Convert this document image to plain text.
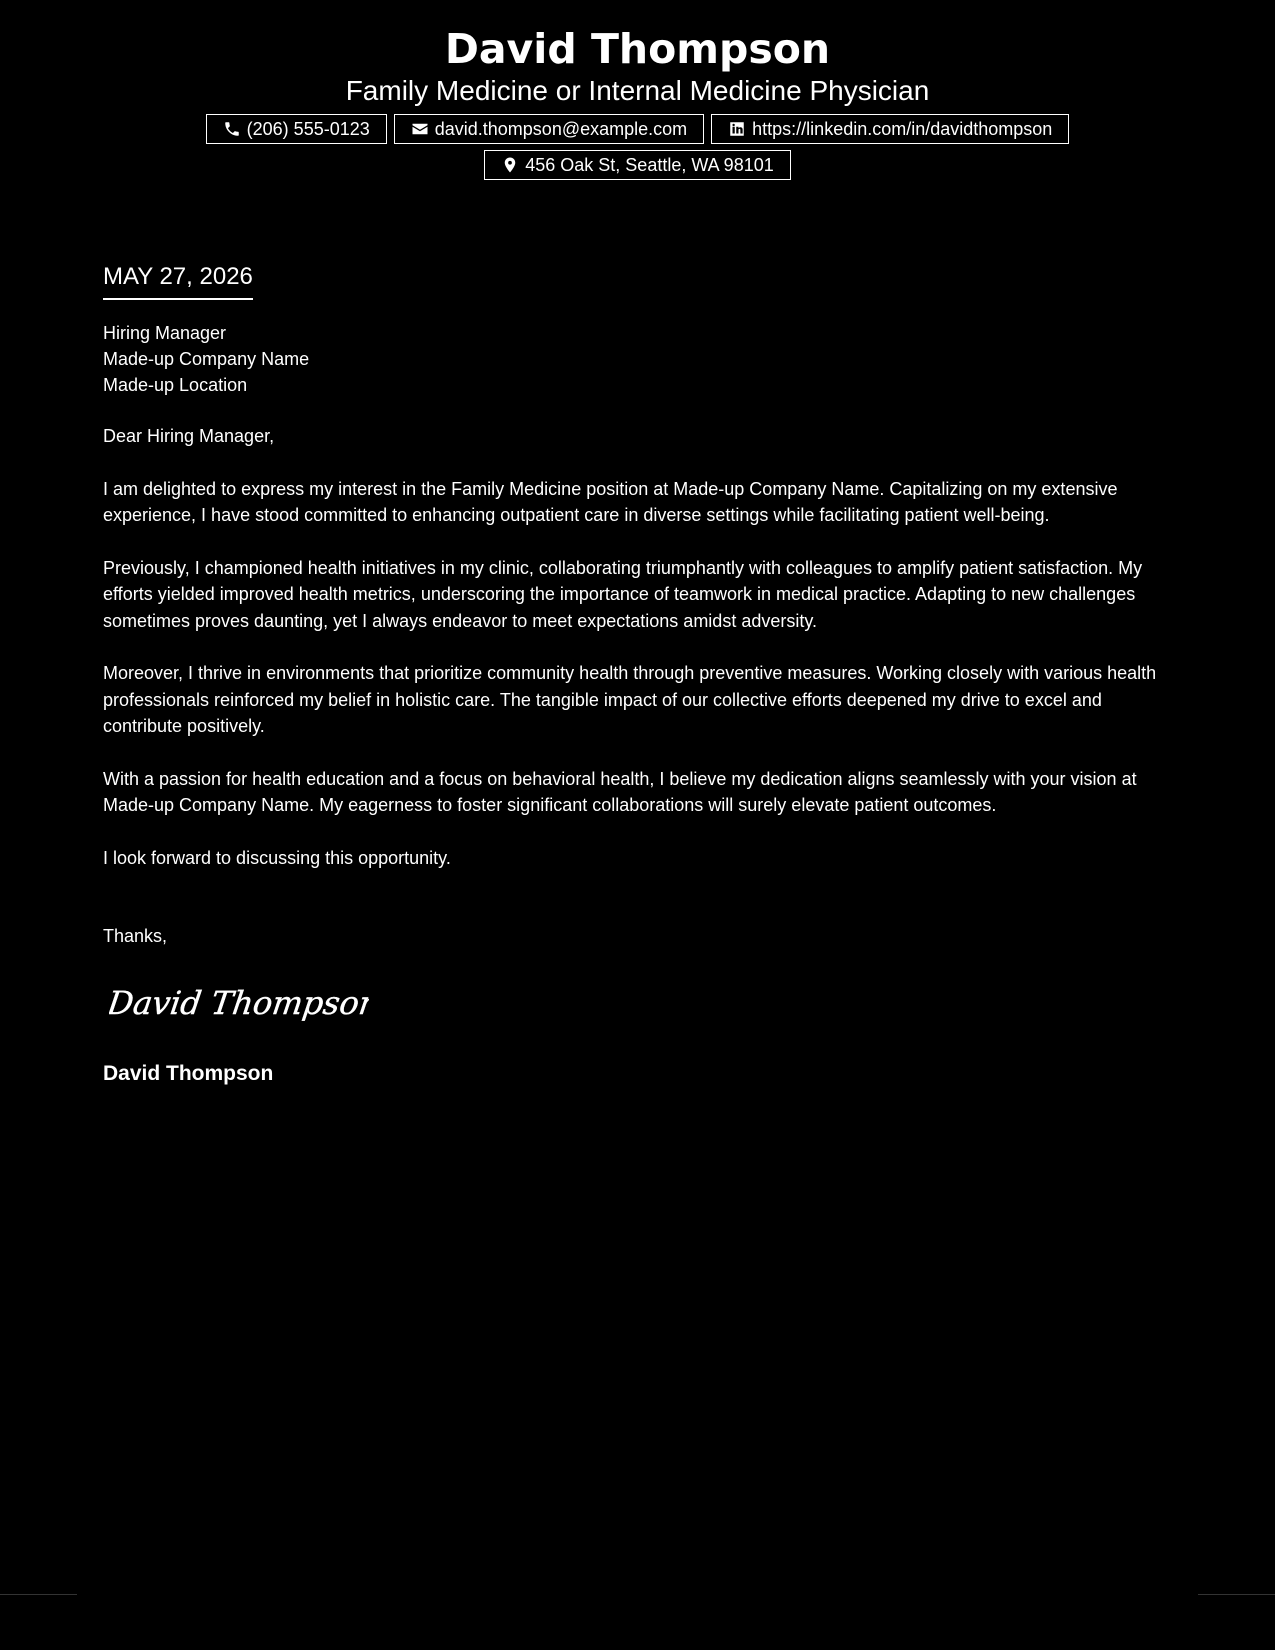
David Thompson
Family Medicine or Internal Medicine Physician
(206) 555-0123	david.thompson@example.com	https://linkedin.com/in/davidthompson
456 Oak St, Seattle, WA 98101
MAY 27, 2026
Hiring Manager
Made-up Company Name
Made-up Location

Dear Hiring Manager,

I am delighted to express my interest in the Family Medicine position at Made-up Company Name. Capitalizing on my extensive experience, I have stood committed to enhancing outpatient care in diverse settings while facilitating patient well-being.

Previously, I championed health initiatives in my clinic, collaborating triumphantly with colleagues to amplify patient satisfaction. My efforts yielded improved health metrics, underscoring the importance of teamwork in medical practice. Adapting to new challenges sometimes proves daunting, yet I always endeavor to meet expectations amidst adversity.

Moreover, I thrive in environments that prioritize community health through preventive measures. Working closely with various health professionals reinforced my belief in holistic care. The tangible impact of our collective efforts deepened my drive to excel and contribute positively.

With a passion for health education and a focus on behavioral health, I believe my dedication aligns seamlessly with your vision at Made-up Company Name. My eagerness to foster significant collaborations will surely elevate patient outcomes.

I look forward to discussing this opportunity.

Thanks,

David Thompson
David Thompson
